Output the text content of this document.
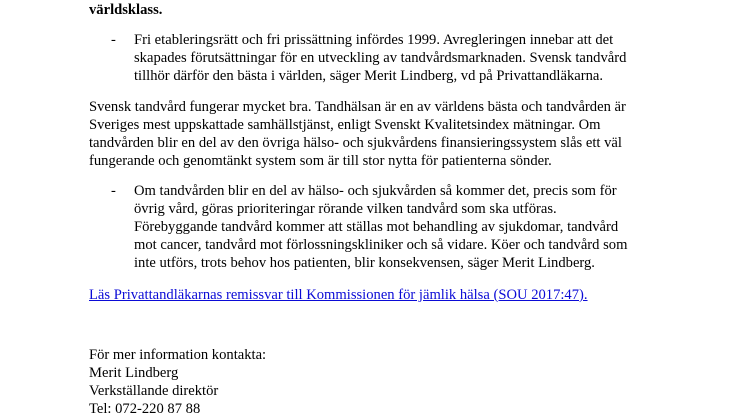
världsklass.
- Fri etableringsrätt och fri prissättning infördes 1999. Avregleringen innebar att det
skapades förutsättningar för en utveckling av tandvårdsmarknaden. Svensk tandvård
tillhör därför den bästa i världen, säger Merit Lindberg, vd på Privattandläkarna.
Svensk tandvård fungerar mycket bra. Tandhälsan är en av världens bästa och tandvården är
Sveriges mest uppskattade samhällstjänst, enligt Svenskt Kvalitetsindex mätningar. Om
tandvården blir en del av den övriga hälso- och sjukvårdens finansieringssystem slås ett väl
fungerande och genomtänkt system som är till stor nytta för patienterna sönder.
- Om tandvården blir en del av hälso- och sjukvården så kommer det, precis som för
övrig vård, göras prioriteringar rörande vilken tandvård som ska utföras.
Förebyggande tandvård kommer att ställas mot behandling av sjukdomar, tandvård
mot cancer, tandvård mot förlossningskliniker och så vidare. Köer och tandvård som
inte utförs, trots behov hos patienten, blir konsekvensen, säger Merit Lindberg.
Läs Privattandläkarnas remissvar till Kommissionen för jämlik hälsa (SOU 2017:47).
För mer information kontakta:
Merit Lindberg
Verkställande direktör
Tel: 072-220 87 88
